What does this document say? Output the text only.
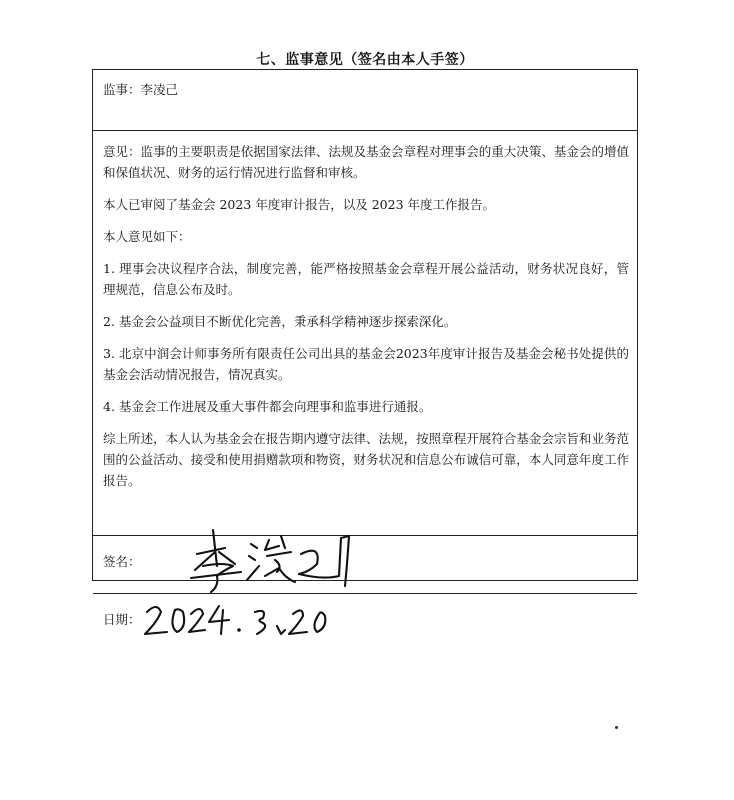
七、监事意见（签名由本人手签）
监事：李凌己

意见：监事的主要职责是依据国家法律、法规及基金会章程对理事会的重大决策、基金会的增值和保值状况、财务的运行情况进行监督和审核。

本人已审阅了基金会 2023 年度审计报告，以及 2023 年度工作报告。

本人意见如下：

1. 理事会决议程序合法，制度完善，能严格按照基金会章程开展公益活动，财务状况良好，管理规范，信息公布及时。

2. 基金会公益项目不断优化完善，秉承科学精神逐步探索深化。

3. 北京中润会计师事务所有限责任公司出具的基金会2023年度审计报告及基金会秘书处提供的基金会活动情况报告，情况真实。

4. 基金会工作进展及重大事件都会向理事和监事进行通报。

综上所述，本人认为基金会在报告期内遵守法律、法规，按照章程开展符合基金会宗旨和业务范围的公益活动、接受和使用捐赠款项和物资，财务状况和信息公布诚信可靠，本人同意年度工作报告。

签名：
日期：
